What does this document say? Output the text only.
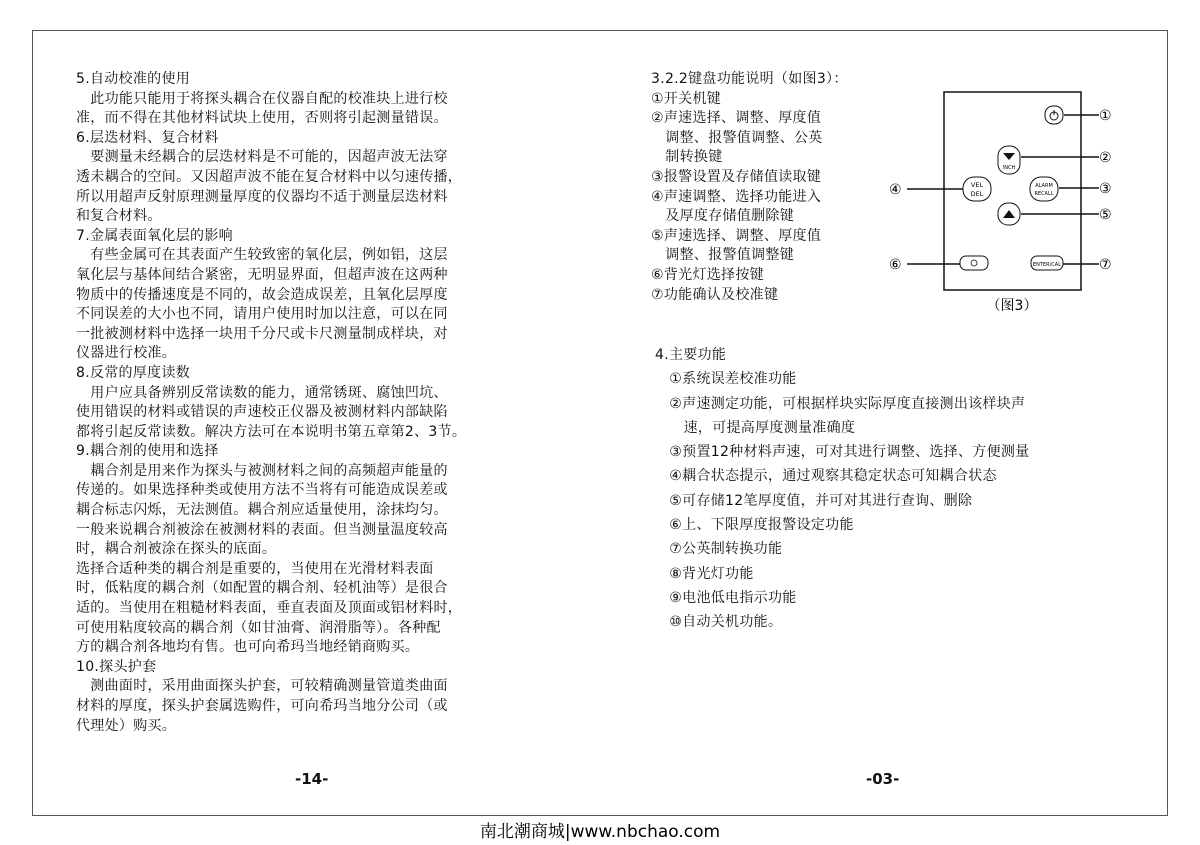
5.自动校准的使用

　此功能只能用于将探头耦合在仪器自配的校准块上进行校

准，而不得在其他材料试块上使用，否则将引起测量错误。

6.层迭材料、复合材料

　要测量未经耦合的层迭材料是不可能的，因超声波无法穿

透未耦合的空间。又因超声波不能在复合材料中以匀速传播，

所以用超声反射原理测量厚度的仪器均不适于测量层迭材料

和复合材料。

7.金属表面氧化层的影响

　有些金属可在其表面产生较致密的氧化层，例如铝，这层

氧化层与基体间结合紧密，无明显界面，但超声波在这两种

物质中的传播速度是不同的，故会造成误差，且氧化层厚度

不同误差的大小也不同，请用户使用时加以注意，可以在同

一批被测材料中选择一块用千分尺或卡尺测量制成样块，对

仪器进行校准。

8.反常的厚度读数

　用户应具备辨别反常读数的能力，通常锈斑、腐蚀凹坑、

使用错误的材料或错误的声速校正仪器及被测材料内部缺陷

都将引起反常读数。解决方法可在本说明书第五章第2、3节。

9.耦合剂的使用和选择

　耦合剂是用来作为探头与被测材料之间的高频超声能量的

传递的。如果选择种类或使用方法不当将有可能造成误差或

耦合标志闪烁，无法测值。耦合剂应适量使用，涂抹均匀。

一般来说耦合剂被涂在被测材料的表面。但当测量温度较高

时，耦合剂被涂在探头的底面。

选择合适种类的耦合剂是重要的，当使用在光滑材料表面

时，低粘度的耦合剂（如配置的耦合剂、轻机油等）是很合

适的。当使用在粗糙材料表面，垂直表面及顶面或铝材料时，

可使用粘度较高的耦合剂（如甘油膏、润滑脂等）。各种配

方的耦合剂各地均有售。也可向希玛当地经销商购买。

10.探头护套

　测曲面时，采用曲面探头护套，可较精确测量管道类曲面

材料的厚度，探头护套属选购件，可向希玛当地分公司（或

代理处）购买。

3.2.2键盘功能说明（如图3）：

①开关机键

②声速选择、调整、厚度值

　调整、报警值调整、公英

　制转换键

③报警设置及存储值读取键

④声速调整、选择功能进入

　及厚度存储值删除键

⑤声速选择、调整、厚度值

　调整、报警值调整键

⑥背光灯选择按键

⑦功能确认及校准键

4.主要功能

　①系统误差校准功能

　②声速测定功能，可根据样块实际厚度直接测出该样块声

　　速，可提高厚度测量准确度

　③预置12种材料声速，可对其进行调整、选择、方便测量

　④耦合状态提示，通过观察其稳定状态可知耦合状态

　⑤可存储12笔厚度值，并可对其进行查询、删除

　⑥上、下限厚度报警设定功能

　⑦公英制转换功能

　⑧背光灯功能

　⑨电池低电指示功能

　⑩自动关机功能。

①
INCH
②
VEL
DEL
④	ALARM
RECALL	③
⑤
⑥	ENTER/CAL	⑦
（图3）
-14-	-03-
南北潮商城|www.nbchao.com
